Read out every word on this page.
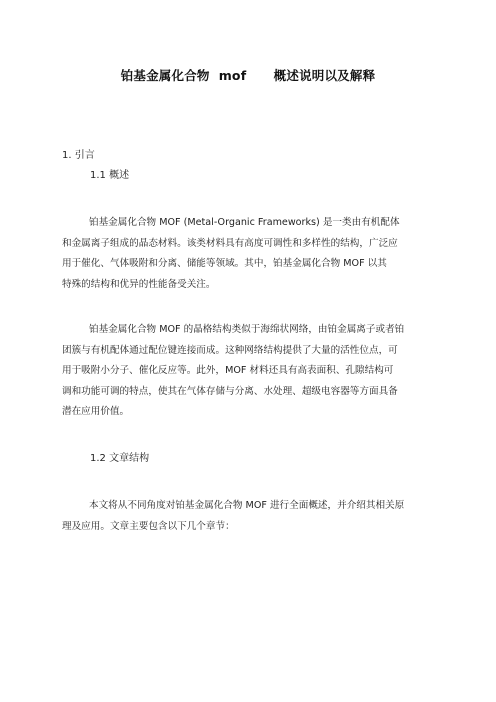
铂基金属化合物  mof      概述说明以及解释
1. 引言
1.1 概述
铂基金属化合物 MOF (Metal-Organic Frameworks) 是一类由有机配体
和金属离子组成的晶态材料。该类材料具有高度可调性和多样性的结构，广泛应
用于催化、气体吸附和分离、储能等领域。其中，铂基金属化合物 MOF 以其
特殊的结构和优异的性能备受关注。
铂基金属化合物 MOF 的晶格结构类似于海绵状网络，由铂金属离子或者铂
团簇与有机配体通过配位键连接而成。这种网络结构提供了大量的活性位点，可
用于吸附小分子、催化反应等。此外，MOF 材料还具有高表面积、孔隙结构可
调和功能可调的特点，使其在气体存储与分离、水处理、超级电容器等方面具备
潜在应用价值。
1.2 文章结构
本文将从不同角度对铂基金属化合物 MOF 进行全面概述，并介绍其相关原
理及应用。文章主要包含以下几个章节：
